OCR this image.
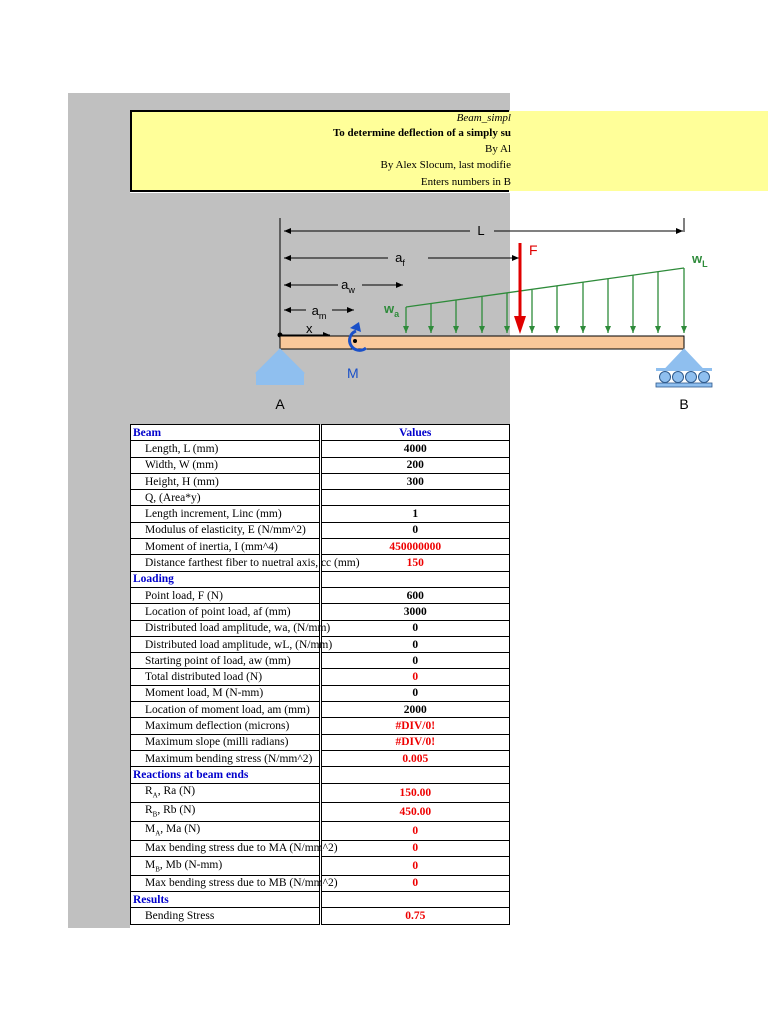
Beam_simpl
To determine deflection of a simply su
By Al
By Alex Slocum, last modifie
Enters numbers in B
L
$a_f$
$a_w$
$a_m$
x
$w_a$
$w_L$
F
M
A	B
Beam	Values
Length, L (mm)	4000
Width, W (mm)	200
Height, H (mm)	300
Q, (Area*y)	
Length increment, Linc (mm)	1
Modulus of elasticity, E (N/mm^2)	0
Moment of inertia, I (mm^4)	450000000
Distance farthest fiber to nuetral axis, cc (mm)	150
Loading	
Point load, F (N)	600
Location of point load, af (mm)	3000
Distributed load amplitude, wa, (N/mm)	0
Distributed load amplitude, wL, (N/mm)	0
Starting point of load, aw (mm)	0
Total distributed load (N)	0
Moment load, M (N-mm)	0
Location of moment load, am (mm)	2000
Maximum deflection (microns)	#DIV/0!
Maximum slope (milli radians)	#DIV/0!
Maximum bending stress (N/mm^2)	0.005
Reactions at beam ends	
$R_A$, Ra (N)	150.00
$R_B$, Rb (N)	450.00
$M_A$, Ma (N)	0
Max bending stress due to MA (N/mm^2)	0
$M_B$, Mb (N-mm)	0
Max bending stress due to MB (N/mm^2)	0
Results	
Bending Stress	0.75
